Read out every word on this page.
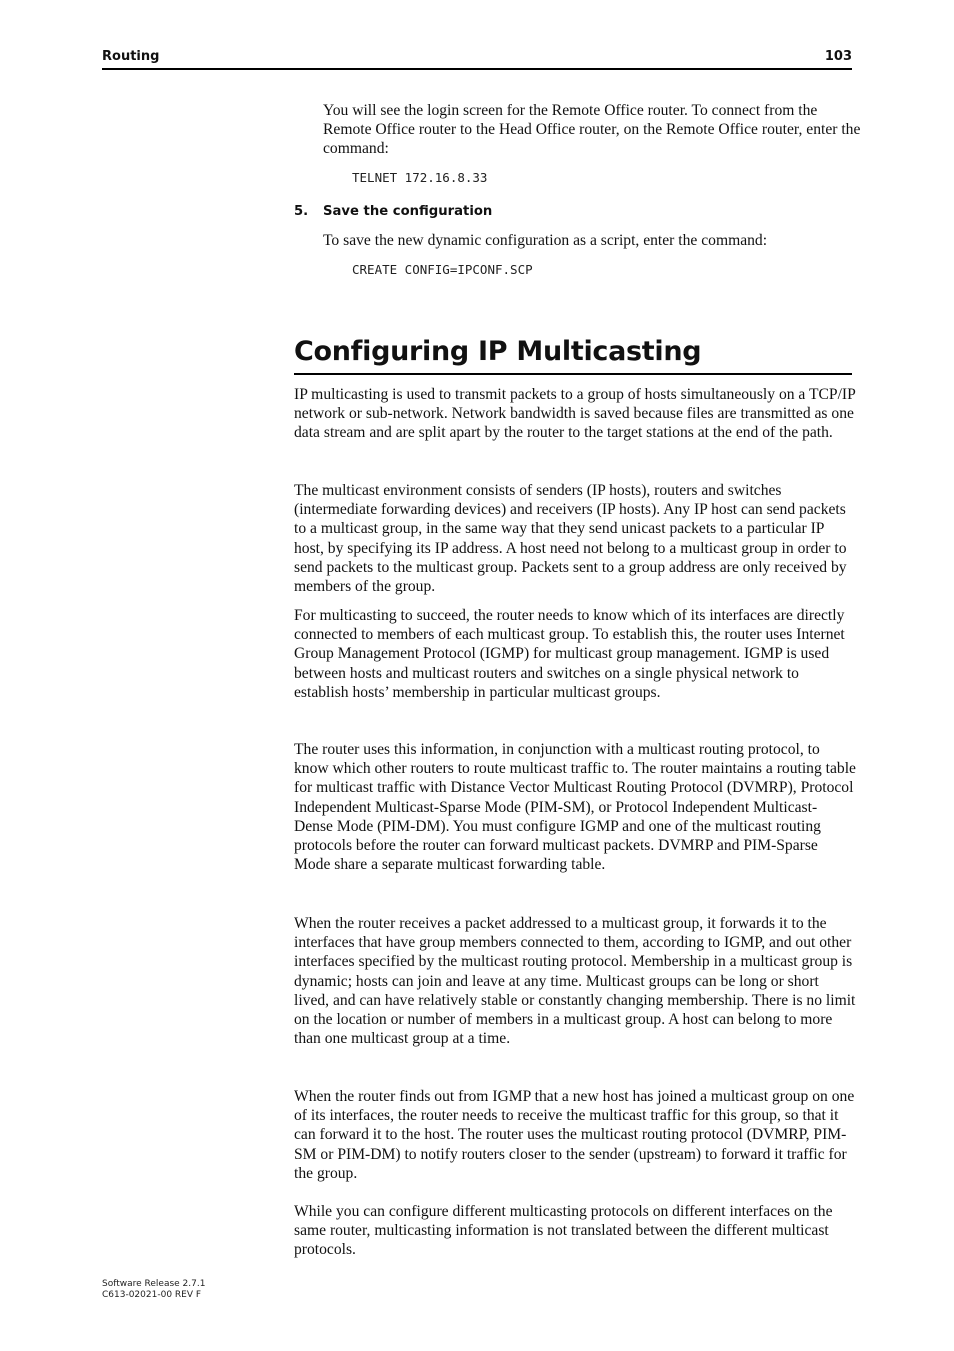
Routing	103

You will see the login screen for the Remote Office router. To connect from the Remote Office router to the Head Office router, on the Remote Office router, enter the command:

TELNET 172.16.8.33
5. Save the configuration

To save the new dynamic configuration as a script, enter the command:

CREATE CONFIG=IPCONF.SCP
Configuring IP Multicasting

IP multicasting is used to transmit packets to a group of hosts simultaneously on a TCP/IP network or sub-network. Network bandwidth is saved because files are transmitted as one data stream and are split apart by the router to the target stations at the end of the path.

The multicast environment consists of senders (IP hosts), routers and switches (intermediate forwarding devices) and receivers (IP hosts). Any IP host can send packets to a multicast group, in the same way that they send unicast packets to a particular IP host, by specifying its IP address. A host need not belong to a multicast group in order to send packets to the multicast group. Packets sent to a group address are only received by members of the group.

For multicasting to succeed, the router needs to know which of its interfaces are directly connected to members of each multicast group. To establish this, the router uses Internet Group Management Protocol (IGMP) for multicast group management. IGMP is used between hosts and multicast routers and switches on a single physical network to establish hosts’ membership in particular multicast groups.

The router uses this information, in conjunction with a multicast routing protocol, to know which other routers to route multicast traffic to. The router maintains a routing table for multicast traffic with Distance Vector Multicast Routing Protocol (DVMRP), Protocol Independent Multicast-Sparse Mode (PIM-SM), or Protocol Independent Multicast-Dense Mode (PIM-DM). You must configure IGMP and one of the multicast routing protocols before the router can forward multicast packets. DVMRP and PIM-Sparse Mode share a separate multicast forwarding table.

When the router receives a packet addressed to a multicast group, it forwards it to the interfaces that have group members connected to them, according to IGMP, and out other interfaces specified by the multicast routing protocol. Membership in a multicast group is dynamic; hosts can join and leave at any time. Multicast groups can be long or short lived, and can have relatively stable or constantly changing membership. There is no limit on the location or number of members in a multicast group. A host can belong to more than one multicast group at a time.

When the router finds out from IGMP that a new host has joined a multicast group on one of its interfaces, the router needs to receive the multicast traffic for this group, so that it can forward it to the host. The router uses the multicast routing protocol (DVMRP, PIM-SM or PIM-DM) to notify routers closer to the sender (upstream) to forward it traffic for the group.

While you can configure different multicasting protocols on different interfaces on the same router, multicasting information is not translated between the different multicast protocols.

Software Release 2.7.1
C613-02021-00 REV F
